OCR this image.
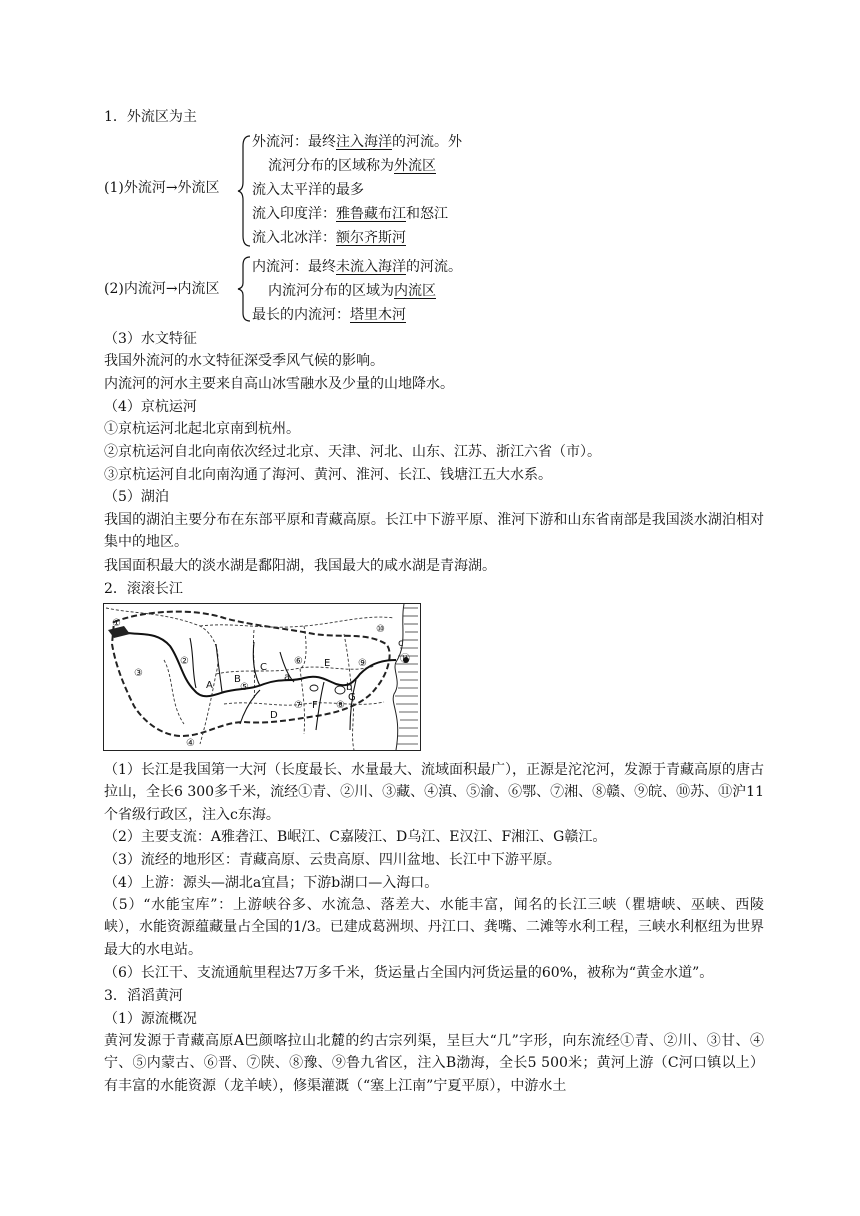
1．外流区为主
(1)外流河→外流区
外流河：最终注入海洋的河流。外
流河分布的区域称为外流区
流入太平洋的最多
流入印度洋：雅鲁藏布江和怒江
流入北冰洋：额尔齐斯河
(2)内流河→内流区
内流河：最终未流入海洋的河流。
内流河分布的区域为内流区
最长的内流河：塔里木河
（3）水文特征
我国外流河的水文特征深受季风气候的影响。
内流河的河水主要来自高山冰雪融水及少量的山地降水。
（4）京杭运河
①京杭运河北起北京南到杭州。
②京杭运河自北向南依次经过北京、天津、河北、山东、江苏、浙江六省（市）。
③京杭运河自北向南沟通了海河、黄河、淮河、长江、钱塘江五大水系。
（5）湖泊
我国的湖泊主要分布在东部平原和青藏高原。长江中下游平原、淮河下游和山东省南部是我国淡水湖泊相对集中的地区。
我国面积最大的淡水湖是鄱阳湖，我国最大的咸水湖是青海湖。
2．滚滚长江
⑩
c
⑪
①
②
③
⑥
C	E	⑨
A
B
⑤
a
b
G
⑧
⑦ F
D
④
（1）长江是我国第一大河（长度最长、水量最大、流域面积最广），正源是沱沱河，发源于青藏高原的唐古拉山，全长6 300多千米，流经①青、②川、③藏、④滇、⑤渝、⑥鄂、⑦湘、⑧赣、⑨皖、⑩苏、⑪沪11个省级行政区，注入c东海。
（2）主要支流：A雅砻江、B岷江、C嘉陵江、D乌江、E汉江、F湘江、G赣江。
（3）流经的地形区：青藏高原、云贵高原、四川盆地、长江中下游平原。
（4）上游：源头—湖北a宜昌；下游b湖口—入海口。
（5）“水能宝库”：上游峡谷多、水流急、落差大、水能丰富，闻名的长江三峡（瞿塘峡、巫峡、西陵峡），水能资源蕴藏量占全国的1/3。已建成葛洲坝、丹江口、龚嘴、二滩等水利工程，三峡水利枢纽为世界最大的水电站。
（6）长江干、支流通航里程达7万多千米，货运量占全国内河货运量的60%，被称为“黄金水道”。
3．滔滔黄河
（1）源流概况
黄河发源于青藏高原A巴颜喀拉山北麓的约古宗列渠，呈巨大“几”字形，向东流经①青、②川、③甘、④宁、⑤内蒙古、⑥晋、⑦陕、⑧豫、⑨鲁九省区，注入B渤海，全长5 500米；黄河上游（C河口镇以上）有丰富的水能资源（龙羊峡），修渠灌溉（“塞上江南”宁夏平原），中游水土
